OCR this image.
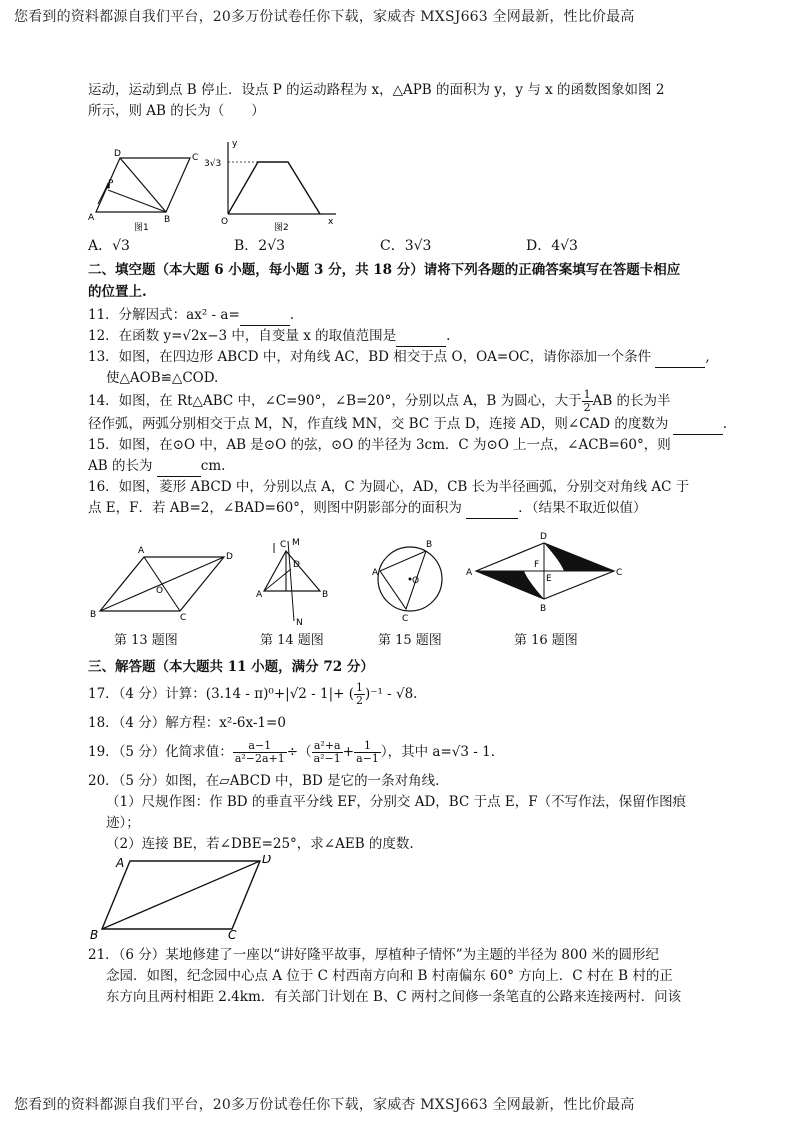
您看到的资料都源自我们平台，20多万份试卷任你下载，家威杏 MXSJ663 全网最新，性比价最高

运动，运动到点 B 停止．设点 P 的运动路程为 x，△APB 的面积为 y，y 与 x 的函数图象如图 2

所示，则 AB 的长为（　　）

A	B
D	C
P
图1
3√3
y
x
O
图2
A．√3	B．2√3	C．3√3	D．4√3

二、填空题（本大题 6 小题，每小题 3 分，共 18 分）请将下列各题的正确答案填写在答题卡相应

的位置上.

11．分解因式：ax² - a=	.

12．在函数 y=√2x−3 中，自变量 x 的取值范围是	.

13．如图，在四边形 ABCD 中，对角线 AC，BD 相交于点 O，OA=OC，请你添加一个条件	,

使△AOB≌△COD.

14．如图，在 Rt△ABC 中，∠C=90°，∠B=20°，分别以点 A，B 为圆心，大于 $\frac{1}{2}$ AB 的长为半

径作弧，两弧分别相交于点 M，N，作直线 MN，交 BC 于点 D，连接 AD，则∠CAD 的度数为	.

15．如图，在⊙O 中，AB 是⊙O 的弦，⊙O 的半径为 3cm．C 为⊙O 上一点，∠ACB=60°，则

AB 的长为	cm.

16．如图，菱形 ABCD 中，分别以点 A，C 为圆心，AD，CB 长为半径画弧，分别交对角线 AC 于

点 E，F．若 AB=2，∠BAD=60°，则图中阴影部分的面积为	．（结果不取近似值）

A
D
B	C
O
C M
D
A	B
N
A
B
C
O
A
D
C
B
F
E
第 13 题图	第 14 题图	第 15 题图	第 16 题图

三、解答题（本大题共 11 小题，满分 72 分）

17．（4 分）计算：(3.14 - π)⁰+|√2 - 1|+ ( $\frac{1}{2} )^{-1} - √8$.

18．（4 分）解方程：x²-6x-1=0

19．（5 分）化简求值： $\frac{a-1}{\text{a²−2a+1}}$ ÷（ $\frac{\text{a²+a}}{\text{a²−1}} + \frac{1}{a-1}$ ），其中 a=√3 - 1.

20．（5 分）如图，在▱ABCD 中，BD 是它的一条对角线.

（1）尺规作图：作 BD 的垂直平分线 EF，分别交 AD，BC 于点 E，F（不写作法，保留作图痕

迹）；

（2）连接 BE，若∠DBE=25°，求∠AEB 的度数.

A	D
B	C

21．（6 分）某地修建了一座以“讲好隆平故事，厚植种子情怀”为主题的半径为 800 米的圆形纪

念园．如图，纪念园中心点 A 位于 C 村西南方向和 B 村南偏东 60° 方向上．C 村在 B 村的正

东方向且两村相距 2.4km．有关部门计划在 B、C 两村之间修一条笔直的公路来连接两村．问该

您看到的资料都源自我们平台，20多万份试卷任你下载，家威杏 MXSJ663 全网最新，性比价最高
